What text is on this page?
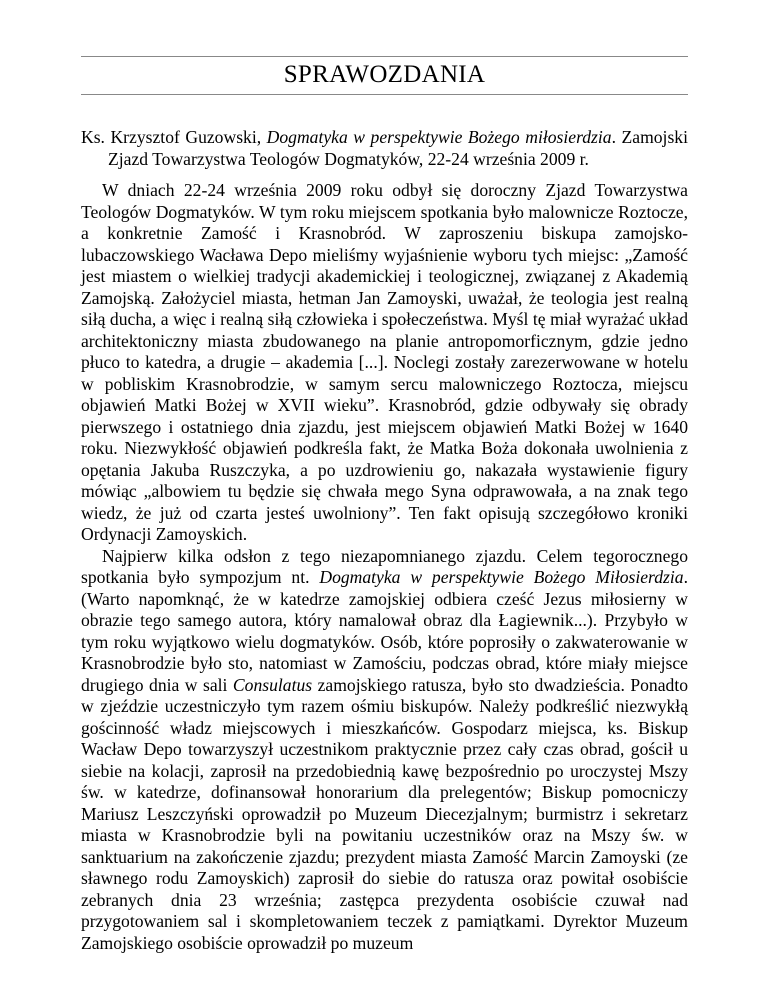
SPRAWOZDANIA
Ks. Krzysztof Guzowski, Dogmatyka w perspektywie Bożego miłosierdzia. Zamojski Zjazd Towarzystwa Teologów Dogmatyków, 22-24 września 2009 r.

W dniach 22-24 września 2009 roku odbył się doroczny Zjazd Towarzystwa Teologów Dogmatyków. W tym roku miejscem spotkania było malownicze Roztocze, a konkretnie Zamość i Krasnobród. W zaproszeniu biskupa zamojsko-lubaczowskiego Wacława Depo mieliśmy wyjaśnienie wyboru tych miejsc: „Zamość jest miastem o wielkiej tradycji akademickiej i teologicznej, związanej z Akademią Zamojską. Założyciel miasta, hetman Jan Zamoyski, uważał, że teologia jest realną siłą ducha, a więc i realną siłą człowieka i społeczeństwa. Myśl tę miał wyrażać układ architektoniczny miasta zbudowanego na planie antropomorficznym, gdzie jedno płuco to katedra, a drugie – akademia [...]. Noclegi zostały zarezerwowane w hotelu w pobliskim Krasnobrodzie, w samym sercu malowniczego Roztocza, miejscu objawień Matki Bożej w XVII wieku”. Krasnobród, gdzie odbywały się obrady pierwszego i ostatniego dnia zjazdu, jest miejscem objawień Matki Bożej w 1640 roku. Niezwykłość objawień podkreśla fakt, że Matka Boża dokonała uwolnienia z opętania Jakuba Ruszczyka, a po uzdrowieniu go, nakazała wystawienie figury mówiąc „albowiem tu będzie się chwała mego Syna odprawowała, a na znak tego wiedz, że już od czarta jesteś uwolniony”. Ten fakt opisują szczegółowo kroniki Ordynacji Zamoyskich.

Najpierw kilka odsłon z tego niezapomnianego zjazdu. Celem tegorocznego spotkania było sympozjum nt. Dogmatyka w perspektywie Bożego Miłosierdzia. (Warto napomknąć, że w katedrze zamojskiej odbiera cześć Jezus miłosierny w obrazie tego samego autora, który namalował obraz dla Łagiewnik...). Przybyło w tym roku wyjątkowo wielu dogmatyków. Osób, które poprosiły o zakwaterowanie w Krasnobrodzie było sto, natomiast w Zamościu, podczas obrad, które miały miejsce drugiego dnia w sali Consulatus zamojskiego ratusza, było sto dwadzieścia. Ponadto w zjeździe uczestniczyło tym razem ośmiu biskupów. Należy podkreślić niezwykłą gościnność władz miejscowych i mieszkańców. Gospodarz miejsca, ks. Biskup Wacław Depo towarzyszył uczestnikom praktycznie przez cały czas obrad, gościł u siebie na kolacji, zaprosił na przedobiednią kawę bezpośrednio po uroczystej Mszy św. w katedrze, dofinansował honorarium dla prelegentów; Biskup pomocniczy Mariusz Leszczyński oprowadził po Muzeum Diecezjalnym; burmistrz i sekretarz miasta w Krasnobrodzie byli na powitaniu uczestników oraz na Mszy św. w sanktuarium na zakończenie zjazdu; prezydent miasta Zamość Marcin Zamoyski (ze sławnego rodu Zamoyskich) zaprosił do siebie do ratusza oraz powitał osobiście zebranych dnia 23 września; zastępca prezydenta osobiście czuwał nad przygotowaniem sal i skompletowaniem teczek z pamiątkami. Dyrektor Muzeum Zamojskiego osobiście oprowadził po muzeum
